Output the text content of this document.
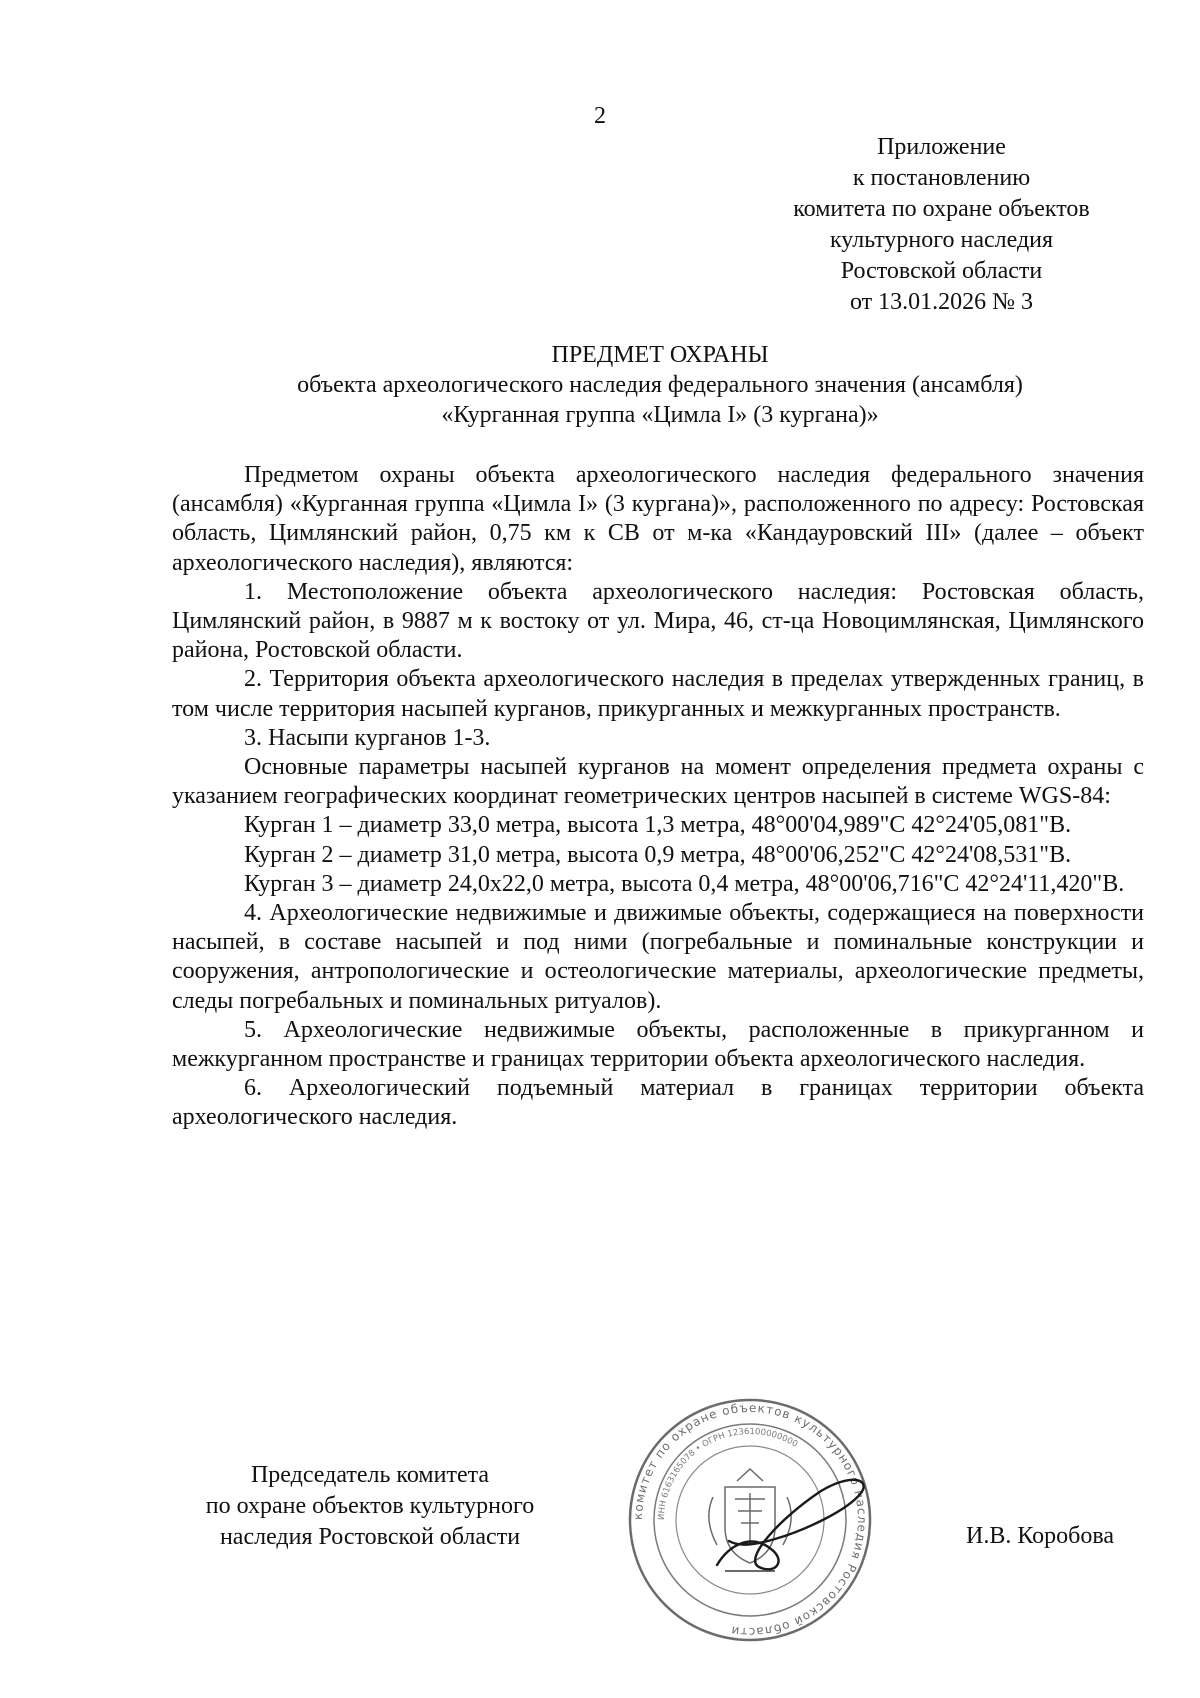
2
Приложение
к постановлению
комитета по охране объектов
культурного наследия
Ростовской области
от 13.01.2026 № 3
ПРЕДМЕТ ОХРАНЫ
объекта археологического наследия федерального значения (ансамбля)
«Курганная группа «Цимла I» (3 кургана)»

Предметом охраны объекта археологического наследия федерального значения (ансамбля) «Курганная группа «Цимла I» (3 кургана)», расположенного по адресу: Ростовская область, Цимлянский район, 0,75 км к СВ от м-ка «Кандауровский III» (далее – объект археологического наследия), являются:

1. Местоположение объекта археологического наследия: Ростовская область, Цимлянский район, в 9887 м к востоку от ул. Мира, 46, ст-ца Новоцимлянская, Цимлянского района, Ростовской области.

2. Территория объекта археологического наследия в пределах утвержденных границ, в том числе территория насыпей курганов, прикурганных и межкурганных пространств.

3. Насыпи курганов 1-3.

Основные параметры насыпей курганов на момент определения предмета охраны с указанием географических координат геометрических центров насыпей в системе WGS-84:

Курган 1 – диаметр 33,0 метра, высота 1,3 метра, 48°00'04,989"С 42°24'05,081"В.

Курган 2 – диаметр 31,0 метра, высота 0,9 метра, 48°00'06,252"С 42°24'08,531"В.

Курган 3 – диаметр 24,0х22,0 метра, высота 0,4 метра, 48°00'06,716"С 42°24'11,420"В.

4. Археологические недвижимые и движимые объекты, содержащиеся на поверхности насыпей, в составе насыпей и под ними (погребальные и поминальные конструкции и сооружения, антропологические и остеологические материалы, археологические предметы, следы погребальных и поминальных ритуалов).

5. Археологические недвижимые объекты, расположенные в прикурганном и межкурганном пространстве и границах территории объекта археологического наследия.

6. Археологический подъемный материал в границах территории объекта археологического наследия.

Председатель комитета
по охране объектов культурного
наследия Ростовской области
комитет по охране объектов культурного наследия Ростовской области
ИНН 6163165078 • ОГРН 1236100000000
И.В. Коробова
